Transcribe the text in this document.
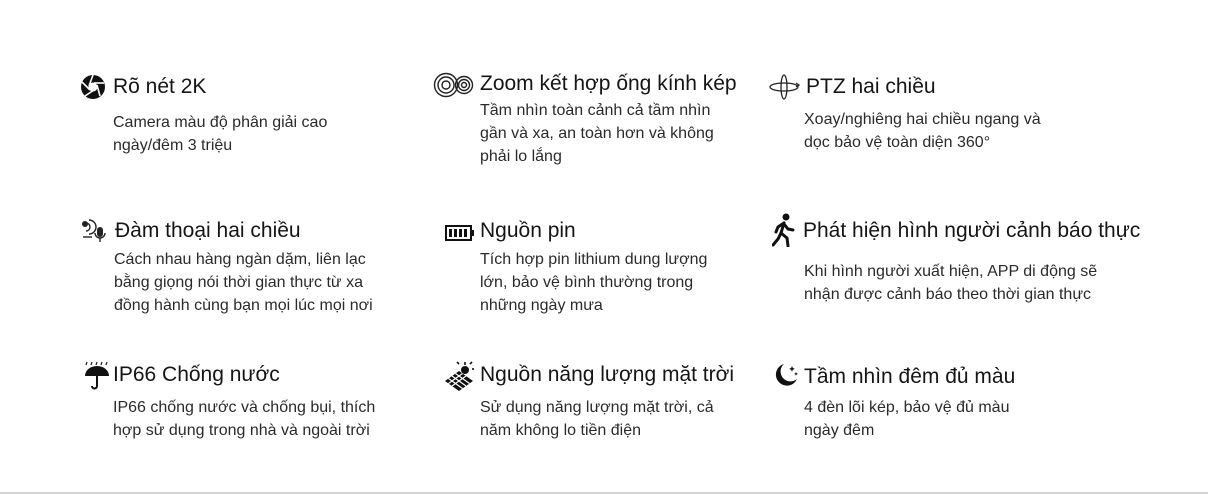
Rõ nét 2K
Camera màu độ phân giải cao
ngày/đêm 3 triệu
Zoom kết hợp ống kính kép
Tầm nhìn toàn cảnh cả tầm nhìn
gần và xa, an toàn hơn và không
phải lo lắng
PTZ hai chiều
Xoay/nghiêng hai chiều ngang và
dọc bảo vệ toàn diện 360°
Đàm thoại hai chiều
Cách nhau hàng ngàn dặm, liên lạc
bằng giọng nói thời gian thực từ xa
đồng hành cùng bạn mọi lúc mọi nơi
Nguồn pin
Tích hợp pin lithium dung lượng
lớn, bảo vệ bình thường trong
những ngày mưa
Phát hiện hình người cảnh báo thực
Khi hình người xuất hiện, APP di động sẽ
nhận được cảnh báo theo thời gian thực
IP66 Chống nước
IP66 chống nước và chống bụi, thích
hợp sử dụng trong nhà và ngoài trời
Nguồn năng lượng mặt trời
Sử dụng năng lượng mặt trời, cả
năm không lo tiền điện
Tầm nhìn đêm đủ màu
4 đèn lõi kép, bảo vệ đủ màu
ngày đêm
